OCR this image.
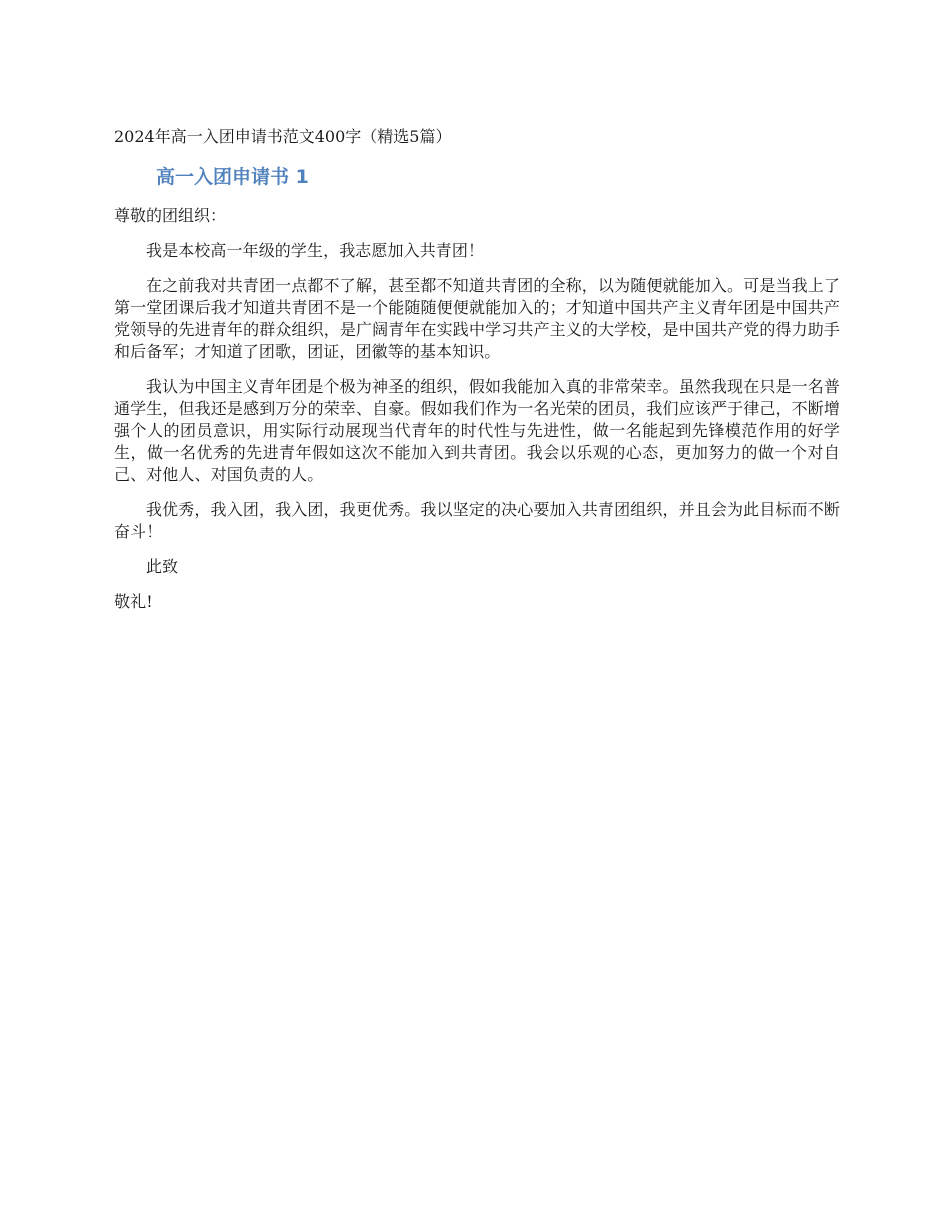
2024年高一入团申请书范文400字（精选5篇）
高一入团申请书 1
尊敬的团组织：

我是本校高一年级的学生，我志愿加入共青团！

在之前我对共青团一点都不了解，甚至都不知道共青团的全称，以为随便就能加入。可是当我上了第一堂团课后我才知道共青团不是一个能随随便便就能加入的；才知道中国共产主义青年团是中国共产党领导的先进青年的群众组织，是广阔青年在实践中学习共产主义的大学校，是中国共产党的得力助手和后备军；才知道了团歌，团证，团徽等的基本知识。

我认为中国主义青年团是个极为神圣的组织，假如我能加入真的非常荣幸。虽然我现在只是一名普通学生，但我还是感到万分的荣幸、自豪。假如我们作为一名光荣的团员，我们应该严于律己，不断增强个人的团员意识，用实际行动展现当代青年的时代性与先进性，做一名能起到先锋模范作用的好学生，做一名优秀的先进青年假如这次不能加入到共青团。我会以乐观的心态，更加努力的做一个对自己、对他人、对国负责的人。

我优秀，我入团，我入团，我更优秀。我以坚定的决心要加入共青团组织，并且会为此目标而不断奋斗！

此致

敬礼!
